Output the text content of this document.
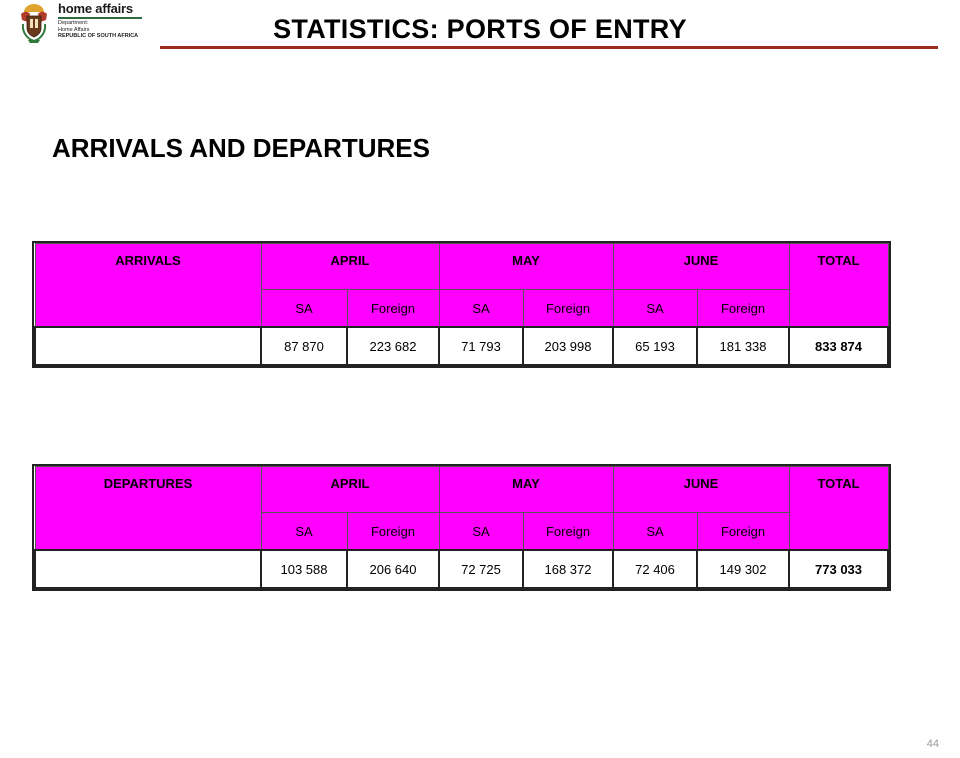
home affairs
Department:
Home Affairs
REPUBLIC OF SOUTH AFRICA	STATISTICS: PORTS OF ENTRY
ARRIVALS AND DEPARTURES
ARRIVALS	APRIL		MAY		JUNE		TOTAL
	SA	Foreign	SA	Foreign	SA	Foreign	
	87 870	223 682	71 793	203 998	65 193	181 338	833 874
DEPARTURES	APRIL		MAY		JUNE		TOTAL
	SA	Foreign	SA	Foreign	SA	Foreign	
	103 588	206 640	72 725	168 372	72 406	149 302	773 033
44
